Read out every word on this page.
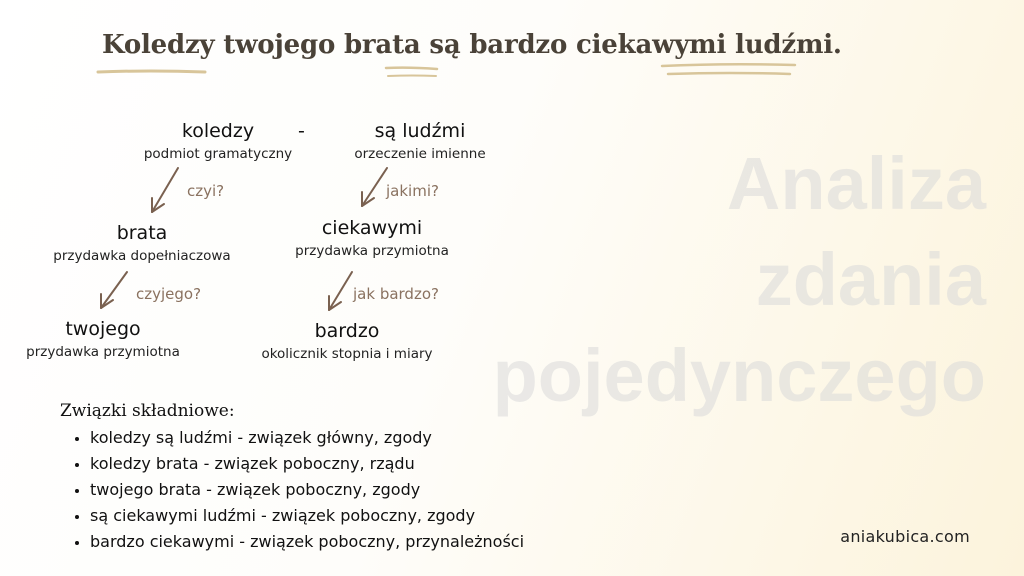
Koledzy twojego brata są bardzo ciekawymi ludźmi.
Analiza
zdania
pojedynczego
koledzy
podmiot gramatyczny
-	są ludźmi
orzeczenie imienne
czyi?	jakimi?
brata
przydawka dopełniaczowa
ciekawymi
przydawka przymiotna
czyjego?	jak bardzo?
twojego
przydawka przymiotna
bardzo
okolicznik stopnia i miary
Związki składniowe:
• koledzy są ludźmi - związek główny, zgody
• koledzy brata - związek poboczny, rządu
• twojego brata - związek poboczny, zgody
• są ciekawymi ludźmi - związek poboczny, zgody
• bardzo ciekawymi - związek poboczny, przynależności	aniakubica.com
